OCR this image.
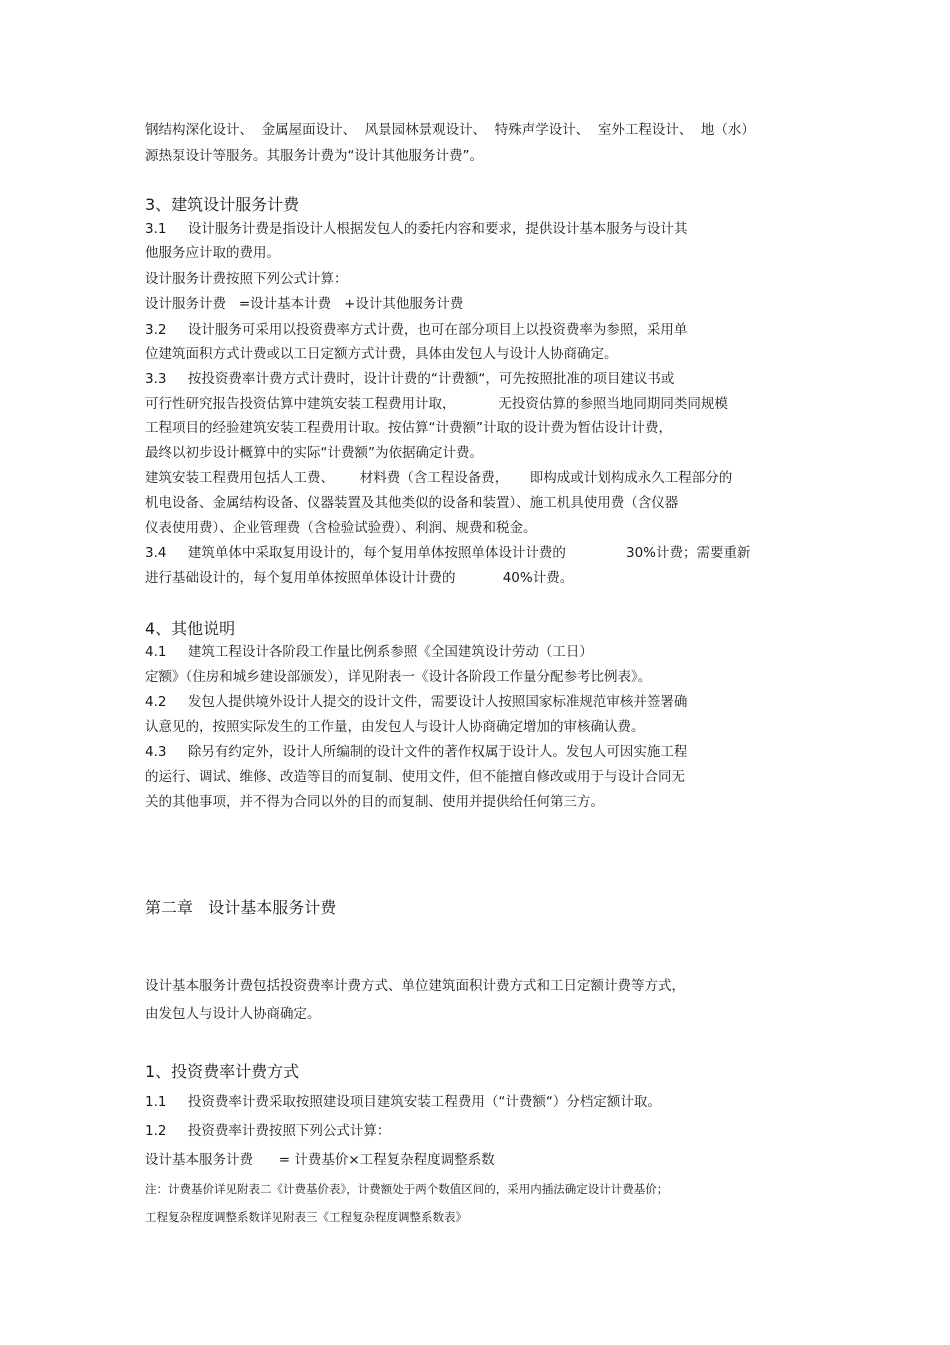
钢结构深化设计、  金属屋面设计、  风景园林景观设计、  特殊声学设计、  室外工程设计、  地（水）
源热泵设计等服务。其服务计费为“设计其他服务计费”。
3、建筑设计服务计费
3.1     设计服务计费是指设计人根据发包人的委托内容和要求，提供设计基本服务与设计其
他服务应计取的费用。
设计服务计费按照下列公式计算：
设计服务计费   =设计基本计费   +设计其他服务计费
3.2     设计服务可采用以投资费率方式计费，也可在部分项目上以投资费率为参照，采用单
位建筑面积方式计费或以工日定额方式计费，具体由发包人与设计人协商确定。
3.3     按投资费率计费方式计费时，设计计费的“计费额“，可先按照批准的项目建议书或
可行性研究报告投资估算中建筑安装工程费用计取，          无投资估算的参照当地同期同类同规模
工程项目的经验建筑安装工程费用计取。按估算“计费额”计取的设计费为暂估设计计费，
最终以初步设计概算中的实际“计费额”为依据确定计费。
建筑安装工程费用包括人工费、      材料费（含工程设备费，     即构成或计划构成永久工程部分的
机电设备、金属结构设备、仪器装置及其他类似的设备和装置）、施工机具使用费（含仪器
仪表使用费）、企业管理费（含检验试验费）、利润、规费和税金。
3.4     建筑单体中采取复用设计的，每个复用单体按照单体设计计费的              30%计费；需要重新
进行基础设计的，每个复用单体按照单体设计计费的           40%计费。
4、其他说明
4.1     建筑工程设计各阶段工作量比例系参照《全国建筑设计劳动（工日）
定额》（住房和城乡建设部颁发），详见附表一《设计各阶段工作量分配参考比例表》。
4.2     发包人提供境外设计人提交的设计文件，需要设计人按照国家标准规范审核并签署确
认意见的，按照实际发生的工作量，由发包人与设计人协商确定增加的审核确认费。
4.3     除另有约定外，设计人所编制的设计文件的著作权属于设计人。发包人可因实施工程
的运行、调试、维修、改造等目的而复制、使用文件，但不能擅自修改或用于与设计合同无
关的其他事项，并不得为合同以外的目的而复制、使用并提供给任何第三方。
第二章   设计基本服务计费
设计基本服务计费包括投资费率计费方式、单位建筑面积计费方式和工日定额计费等方式，
由发包人与设计人协商确定。
1、投资费率计费方式
1.1     投资费率计费采取按照建设项目建筑安装工程费用（“计费额“）分档定额计取。
1.2     投资费率计费按照下列公式计算：
设计基本服务计费      = 计费基价×工程复杂程度调整系数
注：计费基价详见附表二《计费基价表》，计费额处于两个数值区间的，采用内插法确定设计计费基价；
工程复杂程度调整系数详见附表三《工程复杂程度调整系数表》
